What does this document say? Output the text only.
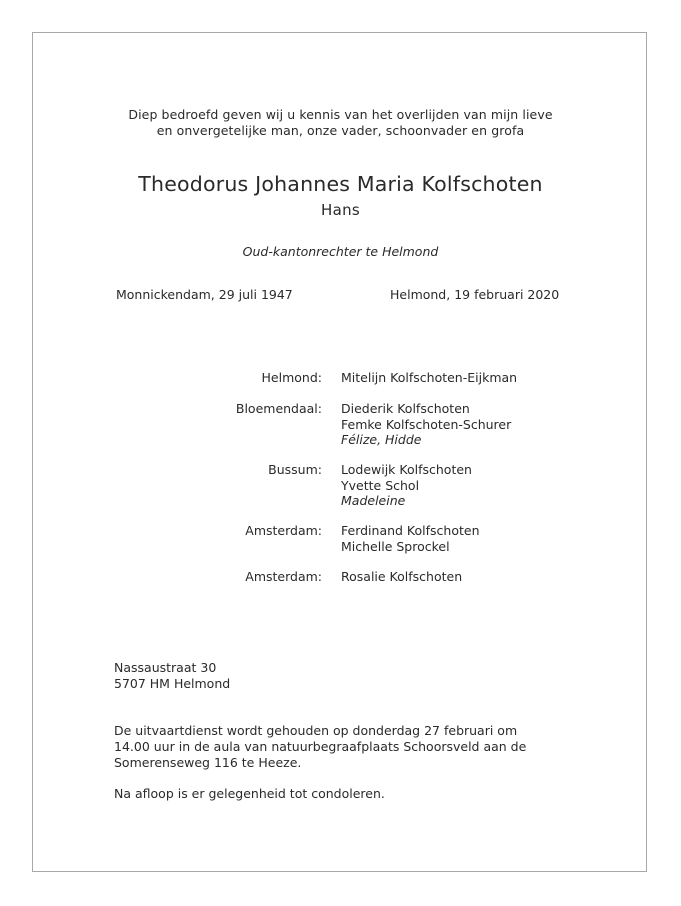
Diep bedroefd geven wij u kennis van het overlijden van mijn lieve
en onvergetelijke man, onze vader, schoonvader en grofa
Theodorus Johannes Maria Kolfschoten
Hans
Oud-kantonrechter te Helmond
Monnickendam, 29 juli 1947	Helmond, 19 februari 2020
Helmond: Mitelijn Kolfschoten-Eijkman
Bloemendaal: Diederik Kolfschoten
Femke Kolfschoten-Schurer
Félize, Hidde
Bussum: Lodewijk Kolfschoten
Yvette Schol
Madeleine
Amsterdam: Ferdinand Kolfschoten
Michelle Sprockel
Amsterdam: Rosalie Kolfschoten
Nassaustraat 30
5707 HM Helmond
De uitvaartdienst wordt gehouden op donderdag 27 februari om
14.00 uur in de aula van natuurbegraafplaats Schoorsveld aan de
Somerenseweg 116 te Heeze.
Na afloop is er gelegenheid tot condoleren.
